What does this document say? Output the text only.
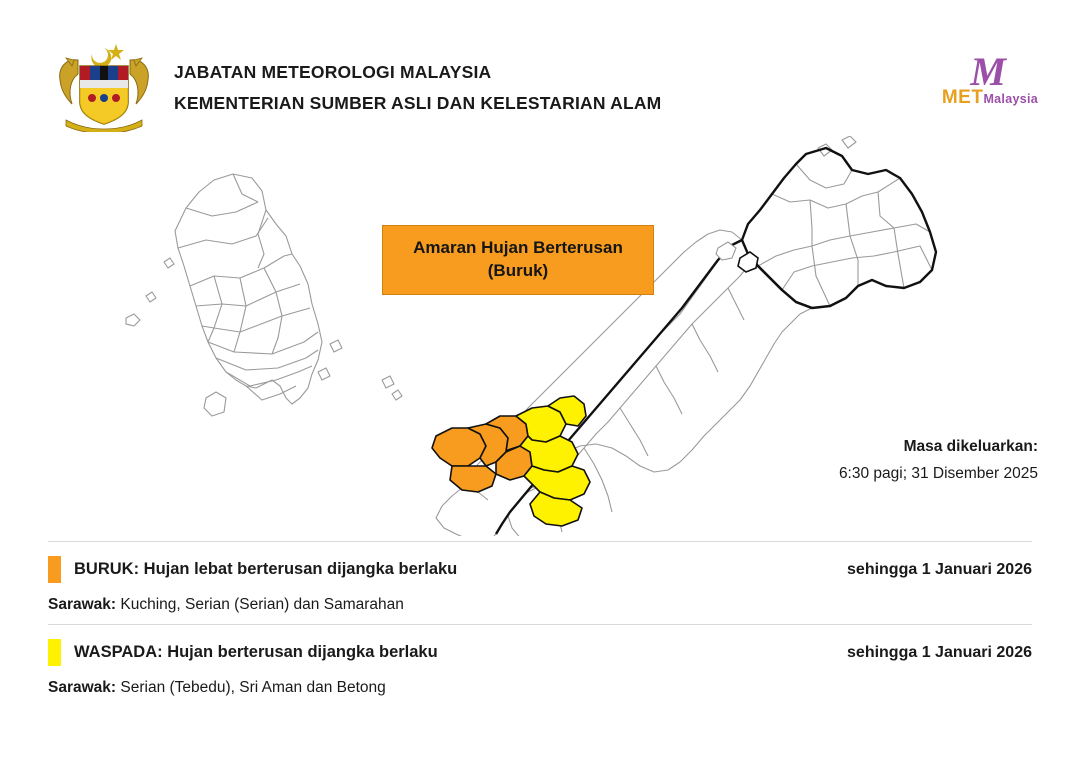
JABATAN METEOROLOGI MALAYSIA
KEMENTERIAN SUMBER ASLI DAN KELESTARIAN ALAM
M
METMalaysia
Amaran Hujan Berterusan
(Buruk)
Masa dikeluarkan:
6:30 pagi; 31 Disember 2025
BURUK: Hujan lebat berterusan dijangka berlaku	sehingga 1 Januari 2026
Sarawak: Kuching, Serian (Serian) dan Samarahan
WASPADA: Hujan berterusan dijangka berlaku	sehingga 1 Januari 2026
Sarawak: Serian (Tebedu), Sri Aman dan Betong
